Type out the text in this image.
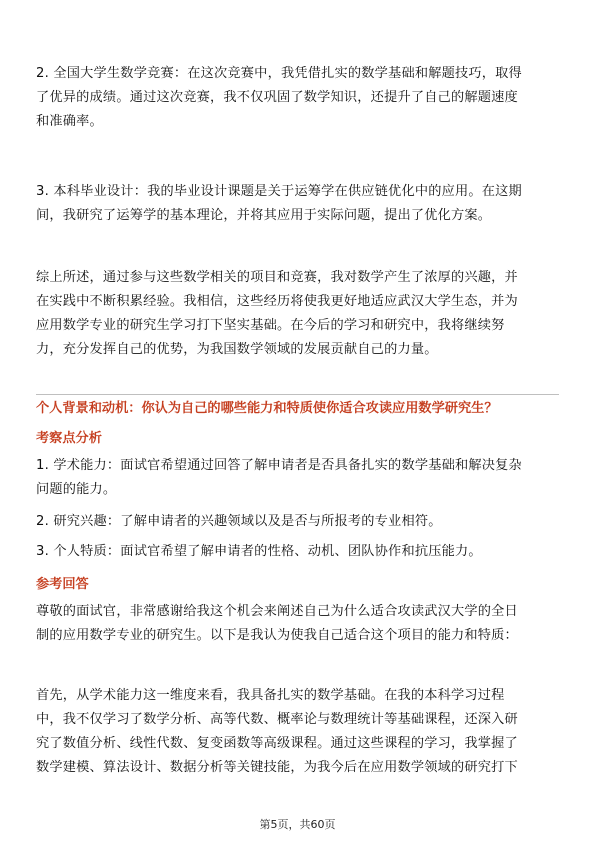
2. 全国大学生数学竞赛：在这次竞赛中，我凭借扎实的数学基础和解题技巧，取得
了优异的成绩。通过这次竞赛，我不仅巩固了数学知识，还提升了自己的解题速度
和准确率。
3. 本科毕业设计：我的毕业设计课题是关于运筹学在供应链优化中的应用。在这期
间，我研究了运筹学的基本理论，并将其应用于实际问题，提出了优化方案。
综上所述，通过参与这些数学相关的项目和竞赛，我对数学产生了浓厚的兴趣，并
在实践中不断积累经验。我相信，这些经历将使我更好地适应武汉大学生态，并为
应用数学专业的研究生学习打下坚实基础。在今后的学习和研究中，我将继续努
力，充分发挥自己的优势，为我国数学领域的发展贡献自己的力量。
个人背景和动机：你认为自己的哪些能力和特质使你适合攻读应用数学研究生？
考察点分析
1. 学术能力：面试官希望通过回答了解申请者是否具备扎实的数学基础和解决复杂
问题的能力。
2. 研究兴趣：了解申请者的兴趣领域以及是否与所报考的专业相符。
3. 个人特质：面试官希望了解申请者的性格、动机、团队协作和抗压能力。
参考回答
尊敬的面试官，非常感谢给我这个机会来阐述自己为什么适合攻读武汉大学的全日
制的应用数学专业的研究生。以下是我认为使我自己适合这个项目的能力和特质：
首先，从学术能力这一维度来看，我具备扎实的数学基础。在我的本科学习过程
中，我不仅学习了数学分析、高等代数、概率论与数理统计等基础课程，还深入研
究了数值分析、线性代数、复变函数等高级课程。通过这些课程的学习，我掌握了
数学建模、算法设计、数据分析等关键技能，为我今后在应用数学领域的研究打下
第5页，共60页
